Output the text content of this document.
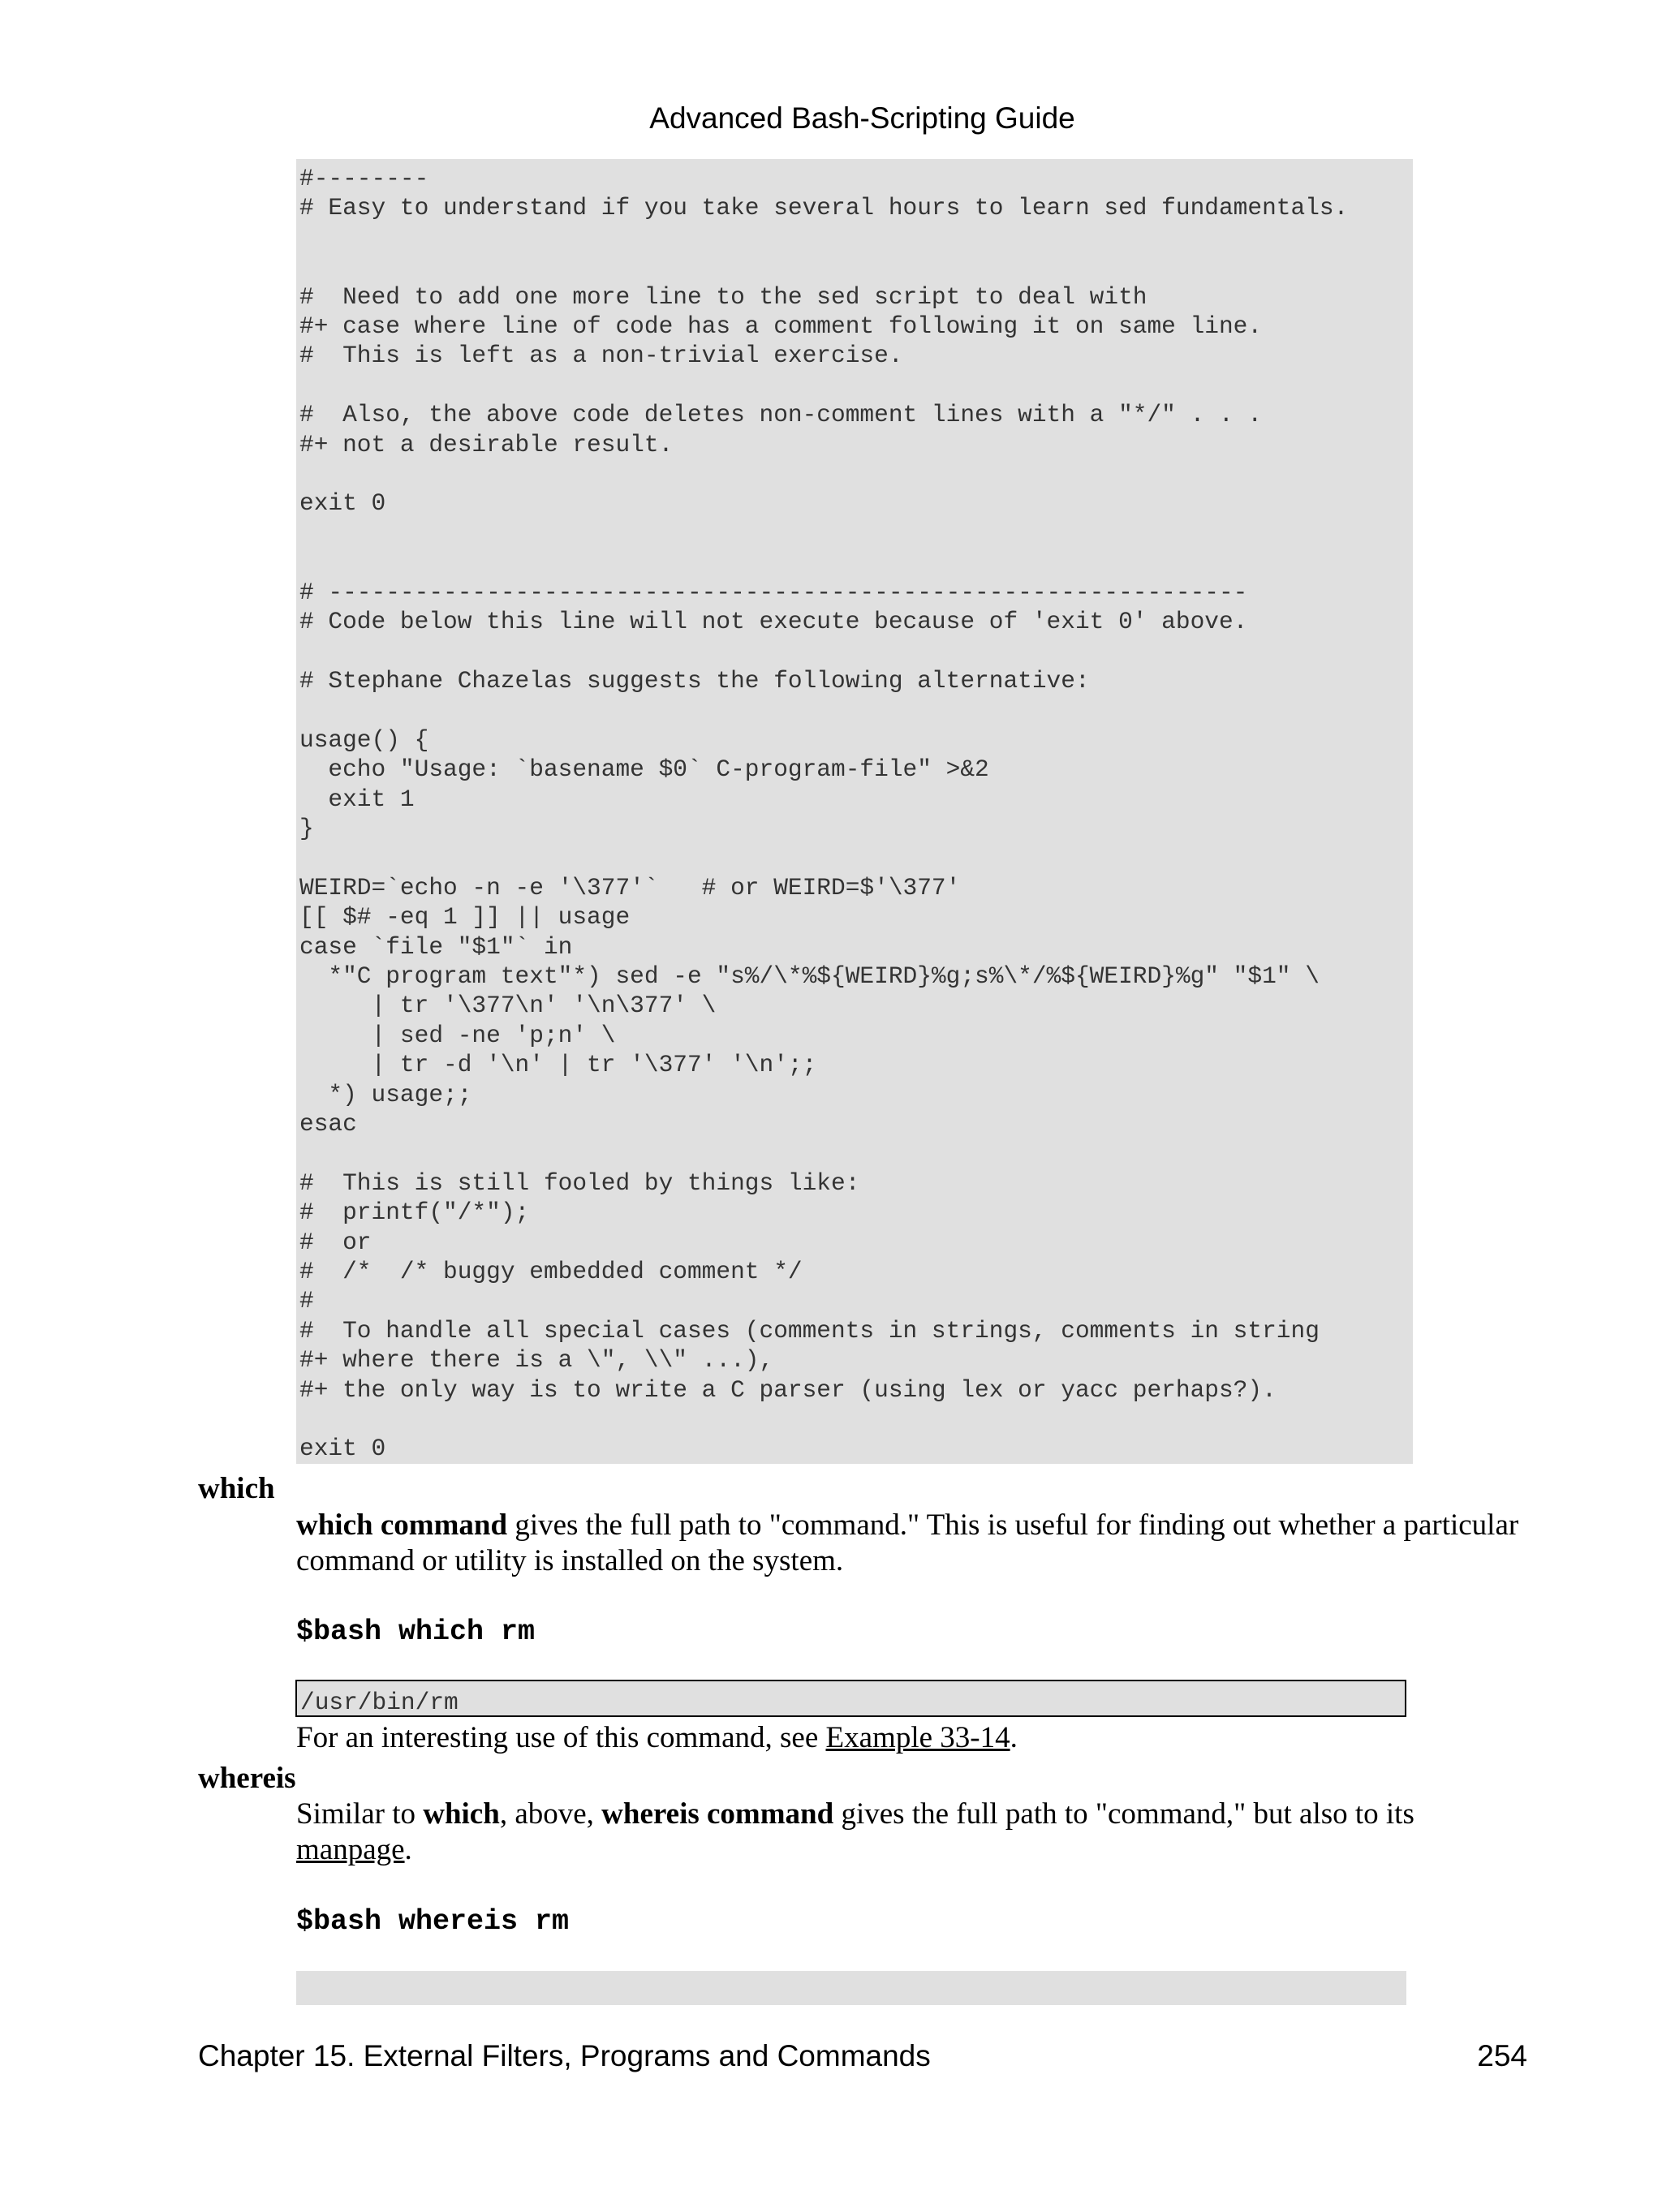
Advanced Bash-Scripting Guide
#--------
# Easy to understand if you take several hours to learn sed fundamentals.

#  Need to add one more line to the sed script to deal with
#+ case where line of code has a comment following it on same line.
#  This is left as a non-trivial exercise.

#  Also, the above code deletes non-comment lines with a "*/" . . .
#+ not a desirable result.

exit 0

# ----------------------------------------------------------------
# Code below this line will not execute because of 'exit 0' above.

# Stephane Chazelas suggests the following alternative:

usage() {
echo "Usage: `basename $0` C-program-file" >&2
exit 1
}

WEIRD=`echo -n -e '\377'`   # or WEIRD=$'\377'
[[ $# -eq 1 ]] || usage
case `file "$1"` in
*"C program text"*) sed -e "s%/\*%${WEIRD}%g;s%\*/%${WEIRD}%g" "$1" \
| tr '\377\n' '\n\377' \
| sed -ne 'p;n' \
| tr -d '\n' | tr '\377' '\n';;
*) usage;;
esac

#  This is still fooled by things like:
#  printf("/*");
#  or
#  /*  /* buggy embedded comment */
#
#  To handle all special cases (comments in strings, comments in string
#+ where there is a \", \\" ...),
#+ the only way is to write a C parser (using lex or yacc perhaps?).

exit 0
which
which command gives the full path to "command." This is useful for finding out whether a particular command or utility is installed on the system.
$bash which rm
/usr/bin/rm
For an interesting use of this command, see Example 33-14.
whereis
Similar to which, above, whereis command gives the full path to "command," but also to its manpage.
$bash whereis rm
Chapter 15. External Filters, Programs and Commands	254
